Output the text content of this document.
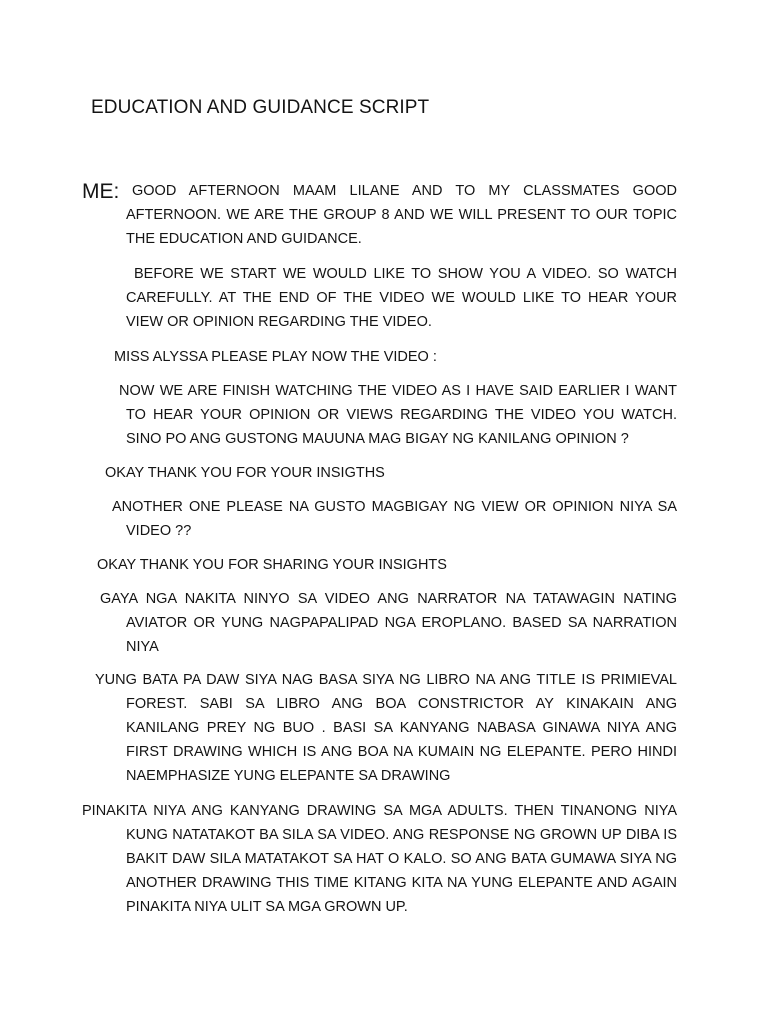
EDUCATION AND GUIDANCE SCRIPT
ME: GOOD AFTERNOON MAAM LILANE AND TO MY CLASSMATES GOOD AFTERNOON. WE ARE THE GROUP 8 AND WE WILL PRESENT TO OUR TOPIC THE EDUCATION AND GUIDANCE.

BEFORE WE START WE WOULD LIKE TO SHOW YOU A VIDEO. SO WATCH CAREFULLY. AT THE END OF THE VIDEO WE WOULD LIKE TO HEAR YOUR VIEW OR OPINION REGARDING THE VIDEO.

MISS ALYSSA PLEASE PLAY NOW THE VIDEO :

NOW WE ARE FINISH WATCHING THE VIDEO AS I HAVE SAID EARLIER I WANT TO HEAR YOUR OPINION OR VIEWS REGARDING THE VIDEO YOU WATCH. SINO PO ANG GUSTONG MAUUNA MAG BIGAY NG KANILANG OPINION ?

OKAY THANK YOU FOR YOUR INSIGTHS

ANOTHER ONE PLEASE NA GUSTO MAGBIGAY NG VIEW OR OPINION NIYA SA VIDEO ??

OKAY THANK YOU FOR SHARING YOUR INSIGHTS

GAYA NGA NAKITA NINYO SA VIDEO ANG NARRATOR NA TATAWAGIN NATING AVIATOR OR YUNG NAGPAPALIPAD NGA EROPLANO. BASED SA NARRATION NIYA

YUNG BATA PA DAW SIYA NAG BASA SIYA NG LIBRO NA ANG TITLE IS PRIMIEVAL FOREST. SABI SA LIBRO ANG BOA CONSTRICTOR AY KINAKAIN ANG KANILANG PREY NG BUO . BASI SA KANYANG NABASA GINAWA NIYA ANG FIRST DRAWING WHICH IS ANG BOA NA KUMAIN NG ELEPANTE. PERO HINDI NAEMPHASIZE YUNG ELEPANTE SA DRAWING

PINAKITA NIYA ANG KANYANG DRAWING SA MGA ADULTS. THEN TINANONG NIYA KUNG NATATAKOT BA SILA SA VIDEO. ANG RESPONSE NG GROWN UP DIBA IS BAKIT DAW SILA MATATAKOT SA HAT O KALO. SO ANG BATA GUMAWA SIYA NG ANOTHER DRAWING THIS TIME KITANG KITA NA YUNG ELEPANTE AND AGAIN PINAKITA NIYA ULIT SA MGA GROWN UP.
